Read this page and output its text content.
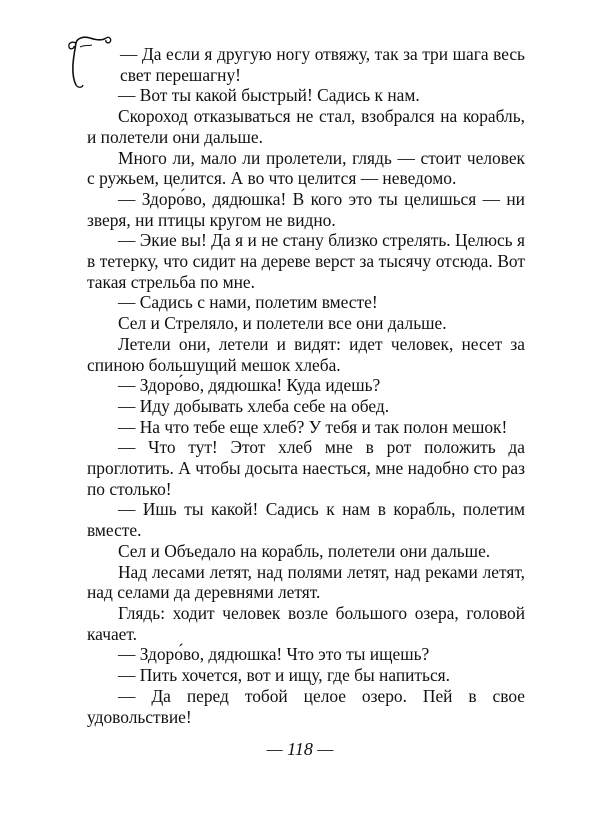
— Да если я другую ногу отвяжу, так за три шага весь свет перешагну!

— Вот ты какой быстрый! Садись к нам.

Скороход отказываться не стал, взобрался на корабль, и полетели они дальше.

Много ли, мало ли пролетели, глядь — стоит человек с ружьем, целится. А во что целится — неведомо.

— Здоро́во, дядюшка! В кого это ты целишься — ни зверя, ни птицы кругом не видно.

— Экие вы! Да я и не стану близко стрелять. Целюсь я в тетерку, что сидит на дереве верст за тысячу отсюда. Вот такая стрельба по мне.

— Садись с нами, полетим вместе!

Сел и Стреляло, и полетели все они дальше.

Летели они, летели и видят: идет человек, несет за спиною большущий мешок хлеба.

— Здоро́во, дядюшка! Куда идешь?

— Иду добывать хлеба себе на обед.

— На что тебе еще хлеб? У тебя и так полон мешок!

— Что тут! Этот хлеб мне в рот положить да проглотить. А чтобы досыта наесться, мне надобно сто раз по столько!

— Ишь ты какой! Садись к нам в корабль, полетим вместе.

Сел и Объедало на корабль, полетели они дальше.

Над лесами летят, над полями летят, над реками летят, над селами да деревнями летят.

Глядь: ходит человек возле большого озера, головой качает.

— Здоро́во, дядюшка! Что это ты ищешь?

— Пить хочется, вот и ищу, где бы напиться.

— Да перед тобой целое озеро. Пей в свое удовольствие!

— 118 —
